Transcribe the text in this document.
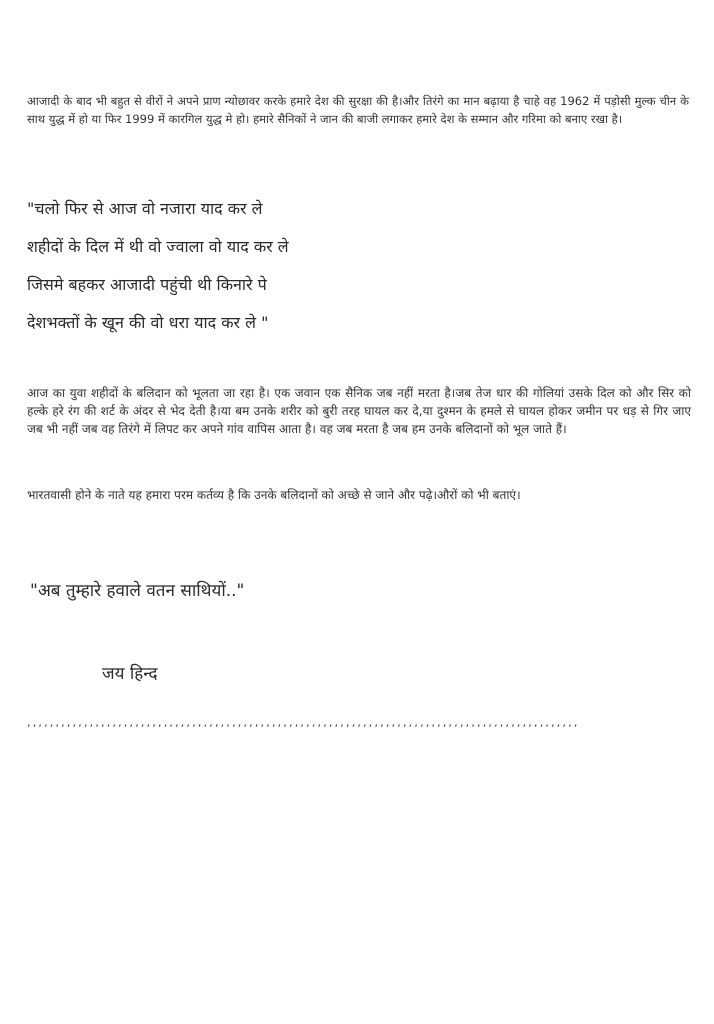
आजादी के बाद भी बहुत से वीरों ने अपने प्राण न्योछावर करके हमारे देश की सुरक्षा की है।और तिरंगे का मान बढ़ाया है चाहे वह 1962 में पड़ोसी मुल्क चीन के साथ युद्ध में हो या फिर 1999 में कारगिल युद्ध मे हो। हमारे सैनिकों ने जान की बाजी लगाकर हमारे देश के सम्मान और गरिमा को बनाए रखा है।

"चलो फिर से आज वो नजारा याद कर ले
शहीदों के दिल में थी वो ज्वाला वो याद कर ले
जिसमे बहकर आजादी पहुंची थी किनारे पे
देशभक्तों के खून की वो धरा याद कर ले "

आज का युवा शहीदों के बलिदान को भूलता जा रहा है। एक जवान एक सैनिक जब नहीं मरता है।जब तेज धार की गोलियां उसके दिल को और सिर को हल्के हरे रंग की शर्ट के अंदर से भेद देती है।या बम उनके शरीर को बुरी तरह घायल कर दे,या दुश्मन के हमले से घायल होकर जमीन पर धड़ से गिर जाए जब भी नहीं जब वह तिरंगे में लिपट कर अपने गांव वापिस आता है। वह जब मरता है जब हम उनके बलिदानों को भूल जाते हैं।

भारतवासी होने के नाते यह हमारा परम कर्तव्य है कि उनके बलिदानों को अच्छे से जाने और पढ़े।औरों को भी बताएं।

"अब तुम्हारे हवाले वतन साथियों.."

जय हिन्द

,,,,,,,,,,,,,,,,,,,,,,,,,,,,,,,,,,,,,,,,,,,,,,,,,,,,,,,,,,,,,,,,,,,,,,,,,,,,,,,,,,,,,,,,,,,,,,,,,
